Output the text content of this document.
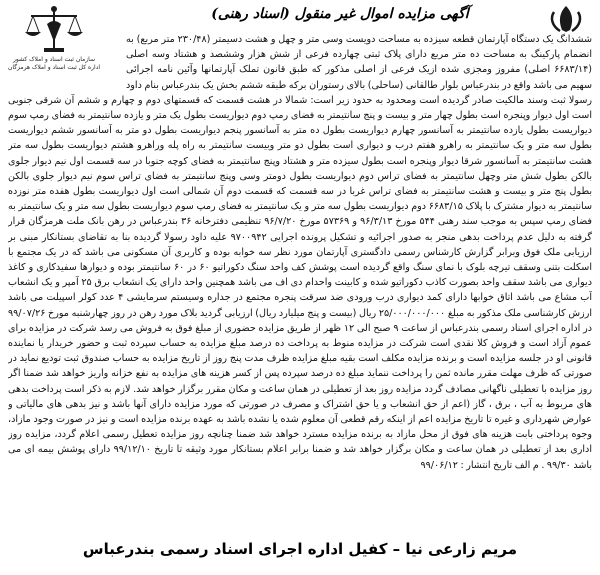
سازمان ثبت اسناد و املاک کشور
اداره کل ثبت اسناد و املاک هرمزگان
آگهی مزایده اموال غیر منقول (اسناد رهنی)
ششدانگ یک دستگاه آپارتمان قطعه سیزده به مساحت دویست وسی متر و چهل و هشت دسیمتر (۲۳۰/۴۸ متر مربع) به انضمام پارکینگ به مساحت ده متر مربع دارای پلاک ثبتی چهارده فرعی از شش هزار وششصد و هشتاد وسه اصلی (۶۶۸۳/۱۴ اصلی) مفروز ومجزی شده ازیک فرعی از اصلی مذکور که طبق قانون تملک آپارتمانها وآئین نامه اجرائی سهیم می باشد واقع در بندرعباس بلوار طالقانی (ساحلی) بالای رستوران برکه طبقه ششم بخش یک بندرعباس بنام داود رسولا ثبت وسند مالکیت صادر گردیده است ومحدود به حدود زیر است: شمالا در هشت قسمت که قسمتهای دوم و چهارم و ششم آن شرقی جنوبی است اول دیوار وپنجره است بطول چهار متر و بیست و پنج سانتیمتر به فضای رمپ دوم دیواریست بطول یک متر و یازده سانتیمتر به فضای رمپ سوم دیواریست بطول یازده سانتیمتر به آسانسور چهارم دیواریست بطول ده متر به آسانسور پنجم دیواریست بطول دو متر به آسانسور ششم دیواریست بطول سه متر و یک سانتیمتر به راهرو هفتم درب و دیواری است بطول دو متر وبیست سانتیمتر به راه پله وراهرو هشتم دیواریست بطول سه متر هشت سانتیمتر به آسانسور شرقا دیوار وپنجره است بطول سیزده متر و هشتاد وپنج سانتیمتر به فضای کوچه جنوبا در سه قسمت اول نیم دیوار جلوی بالکن بطول شش متر وچهل سانتیمتر به فضای تراس دوم دیواریست بطول دومتر وسی وپنج سانتیمتر به فضای تراس سوم نیم دیوار جلوی بالکن بطول پنج متر و بیست و هشت سانتیمتر به فضای تراس غربا در سه قسمت که قسمت دوم آن شمالی است اول دیواریست بطول هفده متر نوزده سانتیمتر به دیوار مشترک با پلاک ۶۶۸۳/۱۵ دوم دیواریست بطول سه متر و یک سانتیمتر به فضای رمپ سوم دیواریست بطول سه متر و یک سانتیمتر به فضای رمپ سپس به موجب سند رهنی ۵۴۴ مورخ ۹۶/۳/۱۳ و ۵۷۳۶۹ مورخ ۹۶/۷/۲۰ تنظیمی دفترخانه ۳۶ بندرعباس در رهن بانک ملت هرمزگان قرار گرفته به دلیل عدم پرداخت بدهی منجر به صدور اجرائیه و تشکیل پرونده اجرایی ۹۷۰۰۹۴۲ علیه داود رسولا گردیده بنا به تقاضای بستانکار مبنی بر ارزیابی ملک فوق وبرابر گزارش کارشناس رسمی دادگستری آپارتمان مورد نظر سه خوابه بوده و کاربری آن مسکونی می باشد که در یک مجتمع با اسکلت بتنی وسقف تیرچه بلوک با نمای سنگ واقع گردیده است پوشش کف واحد سنگ دکوراتیو ۶۰ در ۶۰ سانتیمتر بوده و دیوارها سفیدکاری و کاغذ دیواری می باشد سقف واحد بصورت کاذب دکوراتیو شده و کابینت واحدام دی اف می باشد همچنین واحد دارای یک انشعاب برق ۲۵ آمپر و یک انشعاب آب مشاع می باشد اتاق خوابها دارای کمد دیواری درب ورودی ضد سرقت پنجره مجتمع در جداره وسیستم سرمایشی ۴ عدد کولر اسپیلت می باشد ارزش کارشناسی ملک مذکور به مبلغ ۲۵/۰۰۰/۰۰۰/۰۰۰ ریال (بیست و پنج میلیارد ریال) ارزیابی گردید بلاک مورد رهن در روز چهارشنبه مورخ ۹۹/۰۷/۲۶ در اداره اجرای اسناد رسمی بندرعباس از ساعت ۹ صبح الی ۱۲ ظهر از طریق مزایده حضوری از مبلغ فوق به فروش می رسد شرکت در مزایده برای عموم آزاد است و فروش کلا نقدی است شرکت در مزایده منوط به پرداخت ده درصد مبلغ مزایده به حساب سپرده ثبت و حضور خریدار یا نماینده قانونی او در جلسه مزایده است و برنده مزایده مکلف است بقیه مبلغ مزایده ظرف مدت پنج روز از تاریخ مزایده به حساب صندوق ثبت تودیع نماید در صورتی که ظرف مهلت مقرر مانده ثمن را پرداخت ننماید مبلغ ده درصد سپرده پس از کسر هزینه های مزایده به نفع خزانه واریز خواهد شد ضمنا اگر روز مزایده با تعطیلی ناگهانی مصادف گردد مزایده روز بعد از تعطیلی در همان ساعت و مکان مقرر برگزار خواهد شد. لازم به ذکر است پرداخت بدهی های مربوط به آب ، برق ، گاز (اعم از حق انشعاب و یا حق اشتراک و مصرف در صورتی که مورد مزایده دارای آنها باشد و نیز بدهی های مالیاتی و عوارض شهرداری و غیره تا تاریخ مزایده اعم از اینکه رقم قطعی آن معلوم شده یا نشده باشد به عهده برنده مزایده است و نیز در صورت وجود مازاد، وجوه پرداختی بابت هزینه های فوق از محل مازاد به برنده مزایده مسترد خواهد شد ضمنا چنانچه روز مزایده تعطیل رسمی اعلام گردد، مزایده روز اداری بعد از تعطیلی در همان ساعت و مکان برگزار خواهد شد و ضمنا برابر اعلام بستانکار مورد وثیقه تا تاریخ ۹۹/۱۲/۱۰ دارای پوشش بیمه ای می باشد ۹۹/۳۰ . م الف تاریخ انتشار : ۹۹/۰۶/۱۲
مریم زارعی نیا – کفیل اداره اجرای اسناد رسمی بندرعباس
